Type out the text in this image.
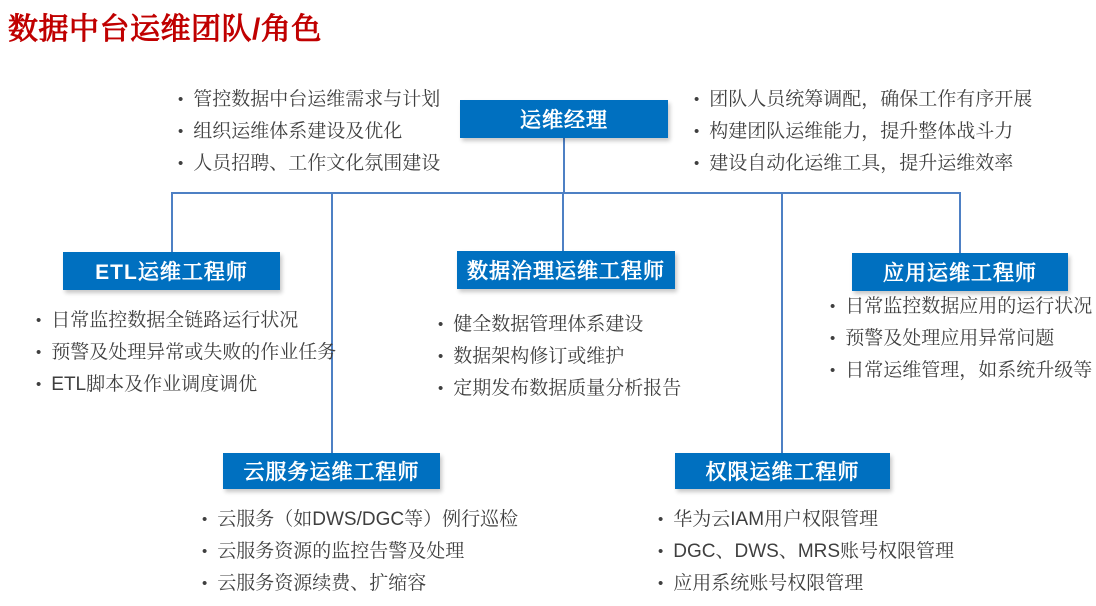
数据中台运维团队/角色
运维经理
ETL运维工程师	数据治理运维工程师	应用运维工程师
云服务运维工程师	权限运维工程师
• 管控数据中台运维需求与计划
• 组织运维体系建设及优化
• 人员招聘、工作文化氛围建设
• 团队人员统筹调配，确保工作有序开展
• 构建团队运维能力，提升整体战斗力
• 建设自动化运维工具，提升运维效率
• 日常监控数据全链路运行状况
• 预警及处理异常或失败的作业任务
• ETL脚本及作业调度调优
• 健全数据管理体系建设
• 数据架构修订或维护
• 定期发布数据质量分析报告
• 日常监控数据应用的运行状况
• 预警及处理应用异常问题
• 日常运维管理，如系统升级等
• 云服务（如DWS/DGC等）例行巡检
• 云服务资源的监控告警及处理
• 云服务资源续费、扩缩容
• 华为云IAM用户权限管理
• DGC、DWS、MRS账号权限管理
• 应用系统账号权限管理
